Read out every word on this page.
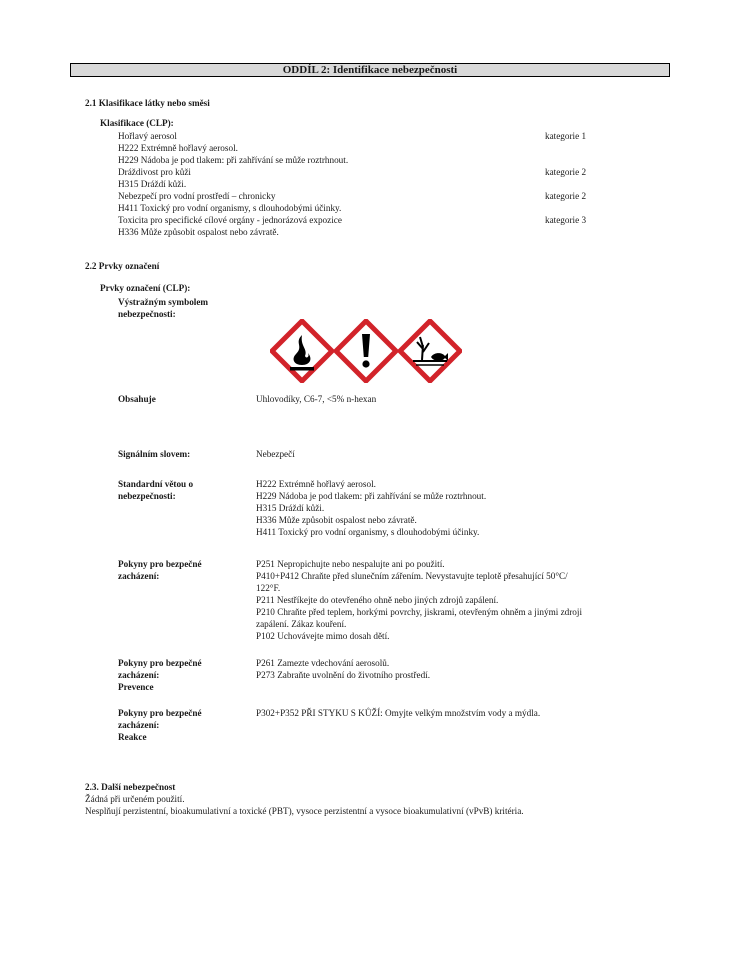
ODDÍL 2: Identifikace nebezpečnosti
2.1 Klasifikace látky nebo směsi
Klasifikace (CLP):
Hořlavý aerosol	kategorie 1
H222 Extrémně hořlavý aerosol.
H229 Nádoba je pod tlakem: při zahřívání se může roztrhnout.
Dráždivost pro kůži	kategorie 2
H315 Dráždí kůži.
Nebezpečí pro vodní prostředí – chronicky	kategorie 2
H411 Toxický pro vodní organismy, s dlouhodobými účinky.
Toxicita pro specifické cílové orgány - jednorázová expozice	kategorie 3
H336 Může způsobit ospalost nebo závratě.
2.2 Prvky označení
Prvky označení (CLP):
Výstražným symbolem
nebezpečnosti:
Obsahuje	Uhlovodíky, C6-7, <5% n-hexan
Signálním slovem:	Nebezpečí
Standardní větou o
nebezpečnosti:
H222 Extrémně hořlavý aerosol.
H229 Nádoba je pod tlakem: při zahřívání se může roztrhnout.
H315 Dráždí kůži.
H336 Může způsobit ospalost nebo závratě.
H411 Toxický pro vodní organismy, s dlouhodobými účinky.
Pokyny pro bezpečné
zacházení:
P251 Nepropichujte nebo nespalujte ani po použití.
P410+P412 Chraňte před slunečním zářením. Nevystavujte teplotě přesahující 50°C/
122°F.
P211 Nestříkejte do otevřeného ohně nebo jiných zdrojů zapálení.
P210 Chraňte před teplem, horkými povrchy, jiskrami, otevřeným ohněm a jinými zdroji
zapálení. Zákaz kouření.
P102 Uchovávejte mimo dosah dětí.
Pokyny pro bezpečné
zacházení:
Prevence
P261 Zamezte vdechování aerosolů.
P273 Zabraňte uvolnění do životního prostředí.
Pokyny pro bezpečné
zacházení:
Reakce
P302+P352 PŘI STYKU S KŮŽÍ: Omyjte velkým množstvím vody a mýdla.
2.3. Další nebezpečnost
Žádná při určeném použití.
Nesplňují perzistentní, bioakumulativní a toxické (PBT), vysoce perzistentní a vysoce bioakumulativní (vPvB) kritéria.
